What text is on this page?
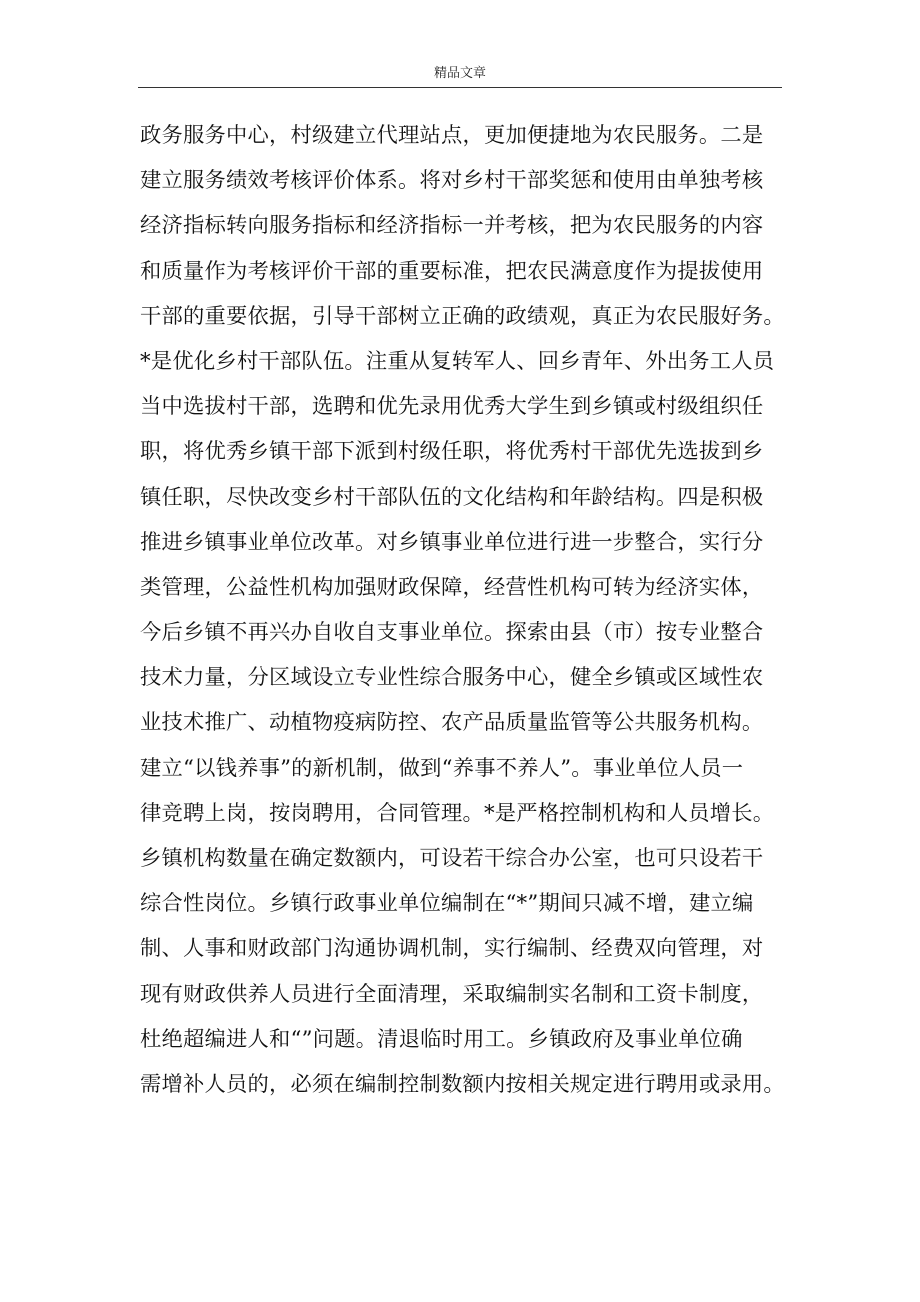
精品文章
政务服务中心，村级建立代理站点，更加便捷地为农民服务。二是
建立服务绩效考核评价体系。将对乡村干部奖惩和使用由单独考核
经济指标转向服务指标和经济指标一并考核，把为农民服务的内容
和质量作为考核评价干部的重要标准，把农民满意度作为提拔使用
干部的重要依据，引导干部树立正确的政绩观，真正为农民服好务。
*是优化乡村干部队伍。注重从复转军人、回乡青年、外出务工人员
当中选拔村干部，选聘和优先录用优秀大学生到乡镇或村级组织任
职，将优秀乡镇干部下派到村级任职，将优秀村干部优先选拔到乡
镇任职，尽快改变乡村干部队伍的文化结构和年龄结构。四是积极
推进乡镇事业单位改革。对乡镇事业单位进行进一步整合，实行分
类管理，公益性机构加强财政保障，经营性机构可转为经济实体，
今后乡镇不再兴办自收自支事业单位。探索由县（市）按专业整合
技术力量，分区域设立专业性综合服务中心，健全乡镇或区域性农
业技术推广、动植物疫病防控、农产品质量监管等公共服务机构。
建立“以钱养事”的新机制，做到“养事不养人”。事业单位人员一
律竞聘上岗，按岗聘用，合同管理。*是严格控制机构和人员增长。
乡镇机构数量在确定数额内，可设若干综合办公室，也可只设若干
综合性岗位。乡镇行政事业单位编制在“*”期间只减不增，建立编
制、人事和财政部门沟通协调机制，实行编制、经费双向管理，对
现有财政供养人员进行全面清理，采取编制实名制和工资卡制度，
杜绝超编进人和“”问题。清退临时用工。乡镇政府及事业单位确
需增补人员的，必须在编制控制数额内按相关规定进行聘用或录用。
